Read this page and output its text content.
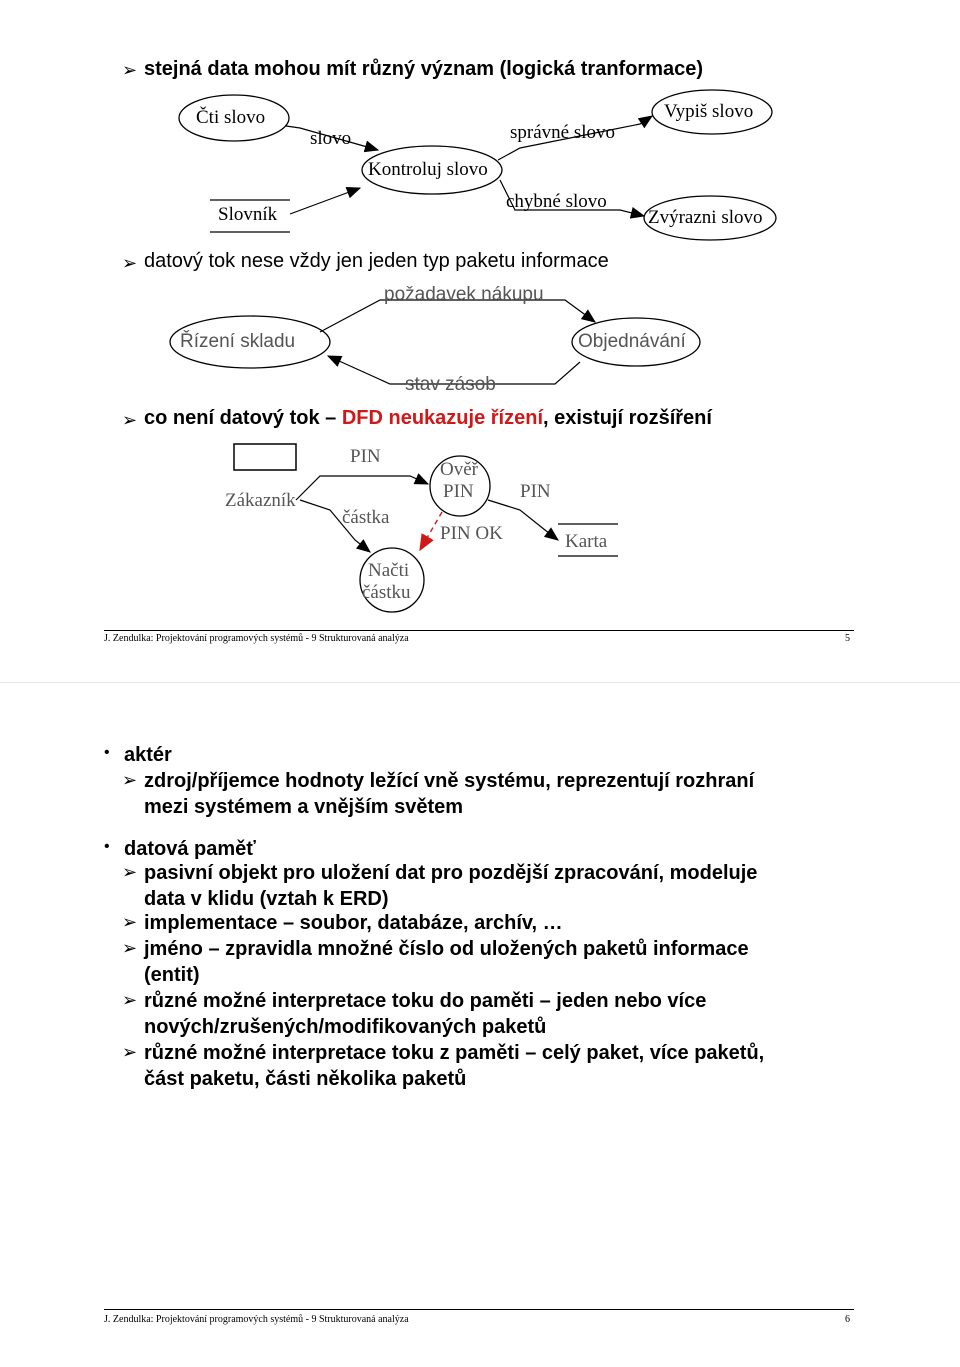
➢ stejná data mohou mít různý význam (logická tranformace)
Čti slovo
slovo
Kontroluj slovo
správné slovo
Vypiš slovo
Slovník
chybné slovo
Zvýrazni slovo
➢ datový tok nese vždy jen jeden typ paketu informace
požadavek nákupu
Řízení skladu	Objednávání
stav zásob
➢ co není datový tok – DFD neukazuje řízení, existují rozšíření
Zákazník
PIN
částka
Ověř
PIN PIN
PIN OK	Karta
Načti
částku
J. Zendulka: Projektování programových systémů - 9 Strukturovaná analýza	5
• aktér
➢ zdroj/příjemce hodnoty ležící vně systému, reprezentují rozhraní
mezi systémem a vnějším světem
• datová paměť
➢ pasivní objekt pro uložení dat pro pozdější zpracování, modeluje
data v klidu (vztah k ERD)
➢ implementace – soubor, databáze, archív, …
➢ jméno – zpravidla množné číslo od uložených paketů informace
(entit)
➢ různé možné interpretace toku do paměti – jeden nebo více
nových/zrušených/modifikovaných paketů
➢ různé možné interpretace toku z paměti – celý paket, více paketů,
část paketu, části několika paketů
J. Zendulka: Projektování programových systémů - 9 Strukturovaná analýza	6
